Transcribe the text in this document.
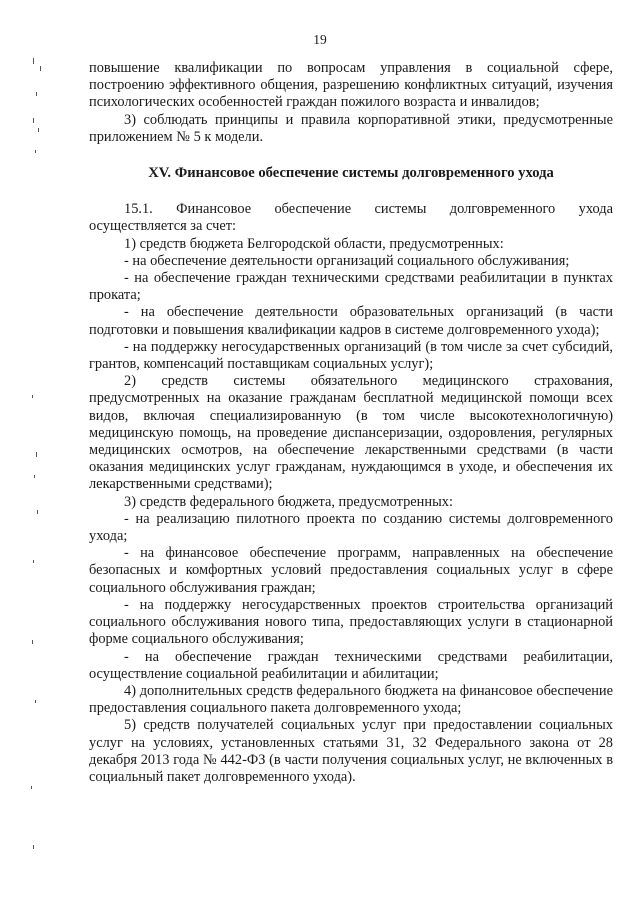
19

повышение квалификации по вопросам управления в социальной сфере, построению эффективного общения, разрешению конфликтных ситуаций, изучения психологических особенностей граждан пожилого возраста и инвалидов;

3) соблюдать принципы и правила корпоративной этики, предусмотренные приложением № 5 к модели.

XV. Финансовое обеспечение системы долговременного ухода

15.1. Финансовое обеспечение системы долговременного ухода осуществляется за счет:

1) средств бюджета Белгородской области, предусмотренных:

- на обеспечение деятельности организаций социального обслуживания;

- на обеспечение граждан техническими средствами реабилитации в пунктах проката;

- на обеспечение деятельности образовательных организаций (в части подготовки и повышения квалификации кадров в системе долговременного ухода);

- на поддержку негосударственных организаций (в том числе за счет субсидий, грантов, компенсаций поставщикам социальных услуг);

2) средств системы обязательного медицинского страхования, предусмотренных на оказание гражданам бесплатной медицинской помощи всех видов, включая специализированную (в том числе высокотехнологичную) медицинскую помощь, на проведение диспансеризации, оздоровления, регулярных медицинских осмотров, на обеспечение лекарственными средствами (в части оказания медицинских услуг гражданам, нуждающимся в уходе, и обеспечения их лекарственными средствами);

3) средств федерального бюджета, предусмотренных:

- на реализацию пилотного проекта по созданию системы долговременного ухода;

- на финансовое обеспечение программ, направленных на обеспечение безопасных и комфортных условий предоставления социальных услуг в сфере социального обслуживания граждан;

- на поддержку негосударственных проектов строительства организаций социального обслуживания нового типа, предоставляющих услуги в стационарной форме социального обслуживания;

- на обеспечение граждан техническими средствами реабилитации, осуществление социальной реабилитации и абилитации;

4) дополнительных средств федерального бюджета на финансовое обеспечение предоставления социального пакета долговременного ухода;

5) средств получателей социальных услуг при предоставлении социальных услуг на условиях, установленных статьями 31, 32 Федерального закона от 28 декабря 2013 года № 442-ФЗ (в части получения социальных услуг, не включенных в социальный пакет долговременного ухода).
